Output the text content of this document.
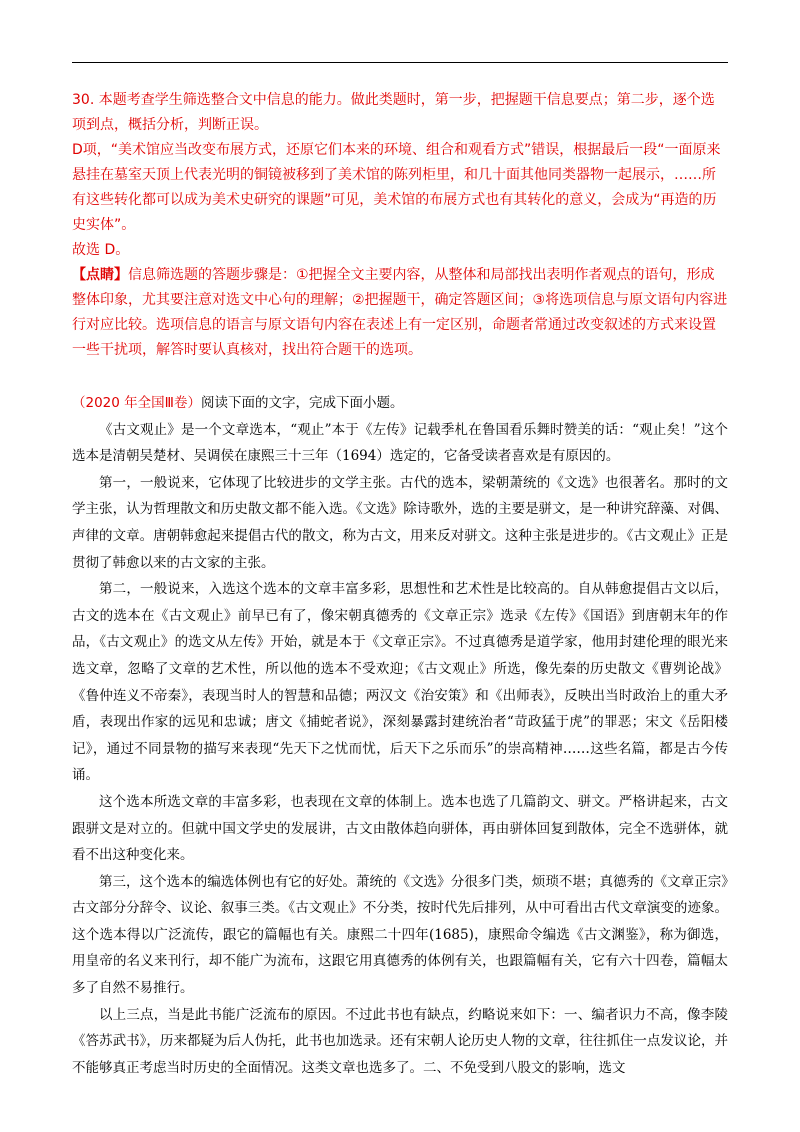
30. 本题考查学生筛选整合文中信息的能力。做此类题时，第一步，把握题干信息要点；第二步，逐个选项到点，概括分析，判断正误。

D项，“美术馆应当改变布展方式，还原它们本来的环境、组合和观看方式”错误，根据最后一段“一面原来悬挂在墓室天顶上代表光明的铜镜被移到了美术馆的陈列柜里，和几十面其他同类器物一起展示，……所有这些转化都可以成为美术史研究的课题”可见，美术馆的布展方式也有其转化的意义，会成为“再造的历史实体”。

故选 D。

【点睛】信息筛选题的答题步骤是：①把握全文主要内容，从整体和局部找出表明作者观点的语句，形成整体印象，尤其要注意对选文中心句的理解；②把握题干，确定答题区间；③将选项信息与原文语句内容进行对应比较。选项信息的语言与原文语句内容在表述上有一定区别，命题者常通过改变叙述的方式来设置一些干扰项，解答时要认真核对，找出符合题干的选项。

（2020 年全国Ⅲ卷）阅读下面的文字，完成下面小题。

《古文观止》是一个文章选本，“观止”本于《左传》记载季札在鲁国看乐舞时赞美的话：“观止矣！”这个选本是清朝吴楚材、吴调侯在康熙三十三年（1694）选定的，它备受读者喜欢是有原因的。

第一，一般说来，它体现了比较进步的文学主张。古代的选本，梁朝萧统的《文选》也很著名。那时的文学主张，认为哲理散文和历史散文都不能入选。《文选》除诗歌外，选的主要是骈文，是一种讲究辞藻、对偶、声律的文章。唐朝韩愈起来提倡古代的散文，称为古文，用来反对骈文。这种主张是进步的。《古文观止》正是贯彻了韩愈以来的古文家的主张。

第二，一般说来，入选这个选本的文章丰富多彩，思想性和艺术性是比较高的。自从韩愈提倡古文以后，古文的选本在《古文观止》前早已有了，像宋朝真德秀的《文章正宗》选录《左传》《国语》到唐朝末年的作品，《古文观止》的选文从左传》开始，就是本于《文章正宗》。不过真德秀是道学家，他用封建伦理的眼光来选文章，忽略了文章的艺术性，所以他的选本不受欢迎；《古文观止》所选，像先秦的历史散文《曹刿论战》《鲁仲连义不帝秦》，表现当时人的智慧和品德；两汉文《治安策》和《出师表》，反映出当时政治上的重大矛盾，表现出作家的远见和忠诚；唐文《捕蛇者说》，深刻暴露封建统治者“苛政猛于虎”的罪恶；宋文《岳阳楼记》，通过不同景物的描写来表现“先天下之忧而忧，后天下之乐而乐”的崇高精神……这些名篇，都是古今传诵。

这个选本所选文章的丰富多彩，也表现在文章的体制上。选本也选了几篇韵文、骈文。严格讲起来，古文跟骈文是对立的。但就中国文学史的发展讲，古文由散体趋向骈体，再由骈体回复到散体，完全不选骈体，就看不出这种变化来。

第三，这个选本的编选体例也有它的好处。萧统的《文选》分很多门类，烦琐不堪；真德秀的《文章正宗》古文部分分辞令、议论、叙事三类。《古文观止》不分类，按时代先后排列，从中可看出古代文章演变的迹象。这个选本得以广泛流传，跟它的篇幅也有关。康熙二十四年(1685)，康熙命令编选《古文渊鉴》，称为御选，用皇帝的名义来刊行，却不能广为流布，这跟它用真德秀的体例有关，也跟篇幅有关，它有六十四卷，篇幅太多了自然不易推行。

以上三点，当是此书能广泛流布的原因。不过此书也有缺点，约略说来如下：一、编者识力不高，像李陵《答苏武书》，历来都疑为后人伪托，此书也加选录。还有宋朝人论历史人物的文章，往往抓住一点发议论，并不能够真正考虑当时历史的全面情况。这类文章也选多了。二、不免受到八股文的影响，选文
